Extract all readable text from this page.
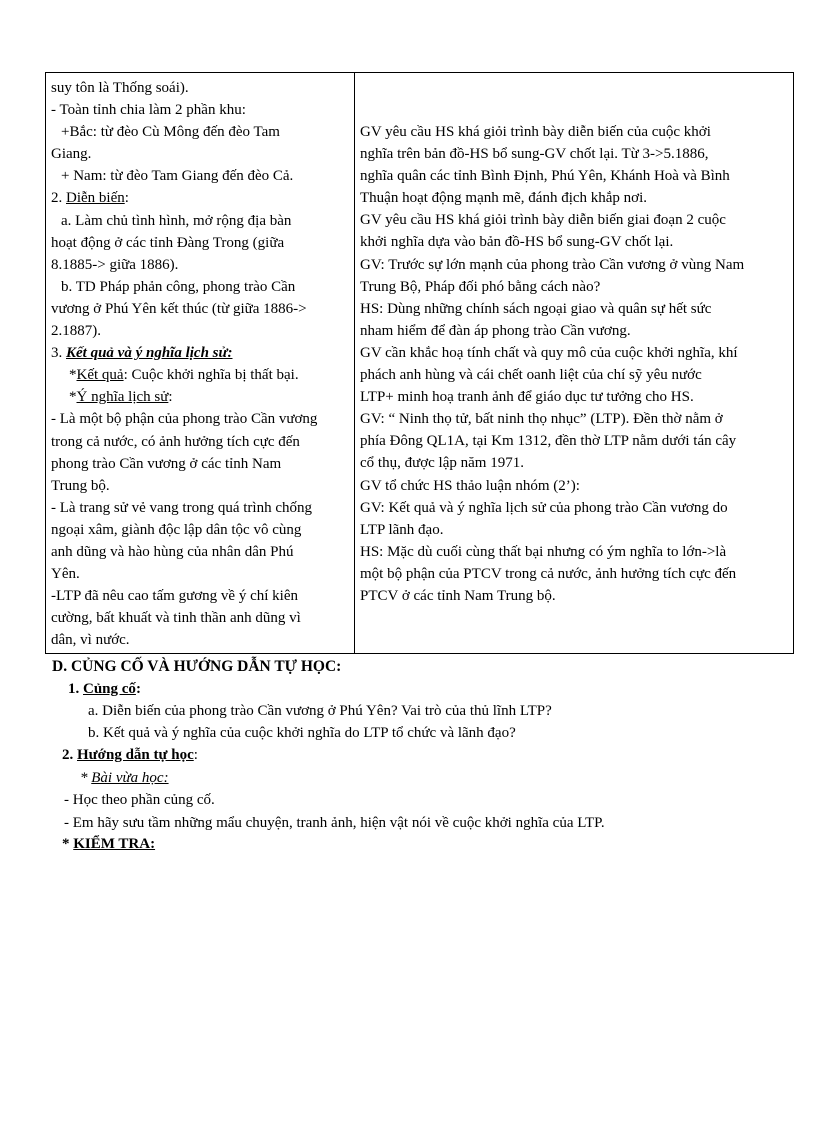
suy tôn là Thống soái).

- Toàn tỉnh chia làm 2 phần khu:

+Bắc: từ đèo Cù Mông đến đèo Tam

Giang.

+ Nam: từ đèo Tam Giang đến đèo Cả.

2. Diễn biến:

a. Làm chủ tình hình, mở rộng địa bàn

hoạt động ở các tỉnh Đàng Trong (giữa

8.1885-> giữa 1886).

b. TD Pháp phản công, phong trào Cần

vương ở Phú Yên kết thúc (từ giữa 1886->

2.1887).

3. Kết quả và ý nghĩa lịch sử:

*Kết quả: Cuộc khởi nghĩa bị thất bại.

*Ý nghĩa lịch sử:

- Là một bộ phận của phong trào Cần vương

trong cả nước, có ảnh hưởng tích cực đến

phong trào Cần vương ở các tỉnh Nam

Trung bộ.

- Là trang sử vẻ vang trong quá trình chống

ngoại xâm, giành độc lập dân tộc vô cùng

anh dũng và hào hùng của nhân dân Phú

Yên.

-LTP đã nêu cao tấm gương về ý chí kiên

cường, bất khuất và tinh thần anh dũng vì

dân, vì nước.

GV yêu cầu HS khá giỏi trình bày diễn biến của cuộc khởi

nghĩa trên bản đồ-HS bổ sung-GV chốt lại. Từ 3->5.1886,

nghĩa quân các tỉnh Bình Định, Phú Yên, Khánh Hoà và Bình

Thuận hoạt động mạnh mẽ, đánh địch khắp nơi.

GV yêu cầu HS khá giỏi trình bày diễn biến giai đoạn 2 cuộc

khởi nghĩa dựa vào bản đồ-HS bổ sung-GV chốt lại.

GV: Trước sự lớn mạnh của phong trào Cần vương ở vùng Nam

Trung Bộ, Pháp đối phó bằng cách nào?

HS: Dùng những chính sách ngoại giao và quân sự hết sức

nham hiểm để đàn áp phong trào Cần vương.

GV cần khắc hoạ tính chất và quy mô của cuộc khởi nghĩa, khí

phách anh hùng và cái chết oanh liệt của chí sỹ yêu nước

LTP+ minh hoạ tranh ảnh để giáo dục tư tưởng cho HS.

GV: “ Ninh thọ tử, bất ninh thọ nhục” (LTP). Đền thờ nằm ở

phía Đông QL1A, tại Km 1312, đền thờ LTP nằm dưới tán cây

cổ thụ, được lập năm 1971.

GV tổ chức HS thảo luận nhóm (2’):

GV: Kết quả và ý nghĩa lịch sử của phong trào Cần vương do

LTP lãnh đạo.

HS: Mặc dù cuối cùng thất bại nhưng có ým nghĩa to lớn->là

một bộ phận của PTCV trong cả nước, ảnh hưởng tích cực đến

PTCV ở các tỉnh Nam Trung bộ.

D. CỦNG CỐ VÀ HƯỚNG DẪN TỰ HỌC:
1. Củng cố:
a. Diễn biến của phong trào Cần vương ở Phú Yên? Vai trò của thủ lĩnh LTP?
b. Kết quả và ý nghĩa của cuộc khởi nghĩa do LTP tổ chức và lãnh đạo?
2. Hướng dẫn tự học:
* Bài vừa học:
- Học theo phần củng cố.
- Em hãy sưu tầm những mẩu chuyện, tranh ảnh, hiện vật nói về cuộc khởi nghĩa của LTP.
* KIỂM TRA:
